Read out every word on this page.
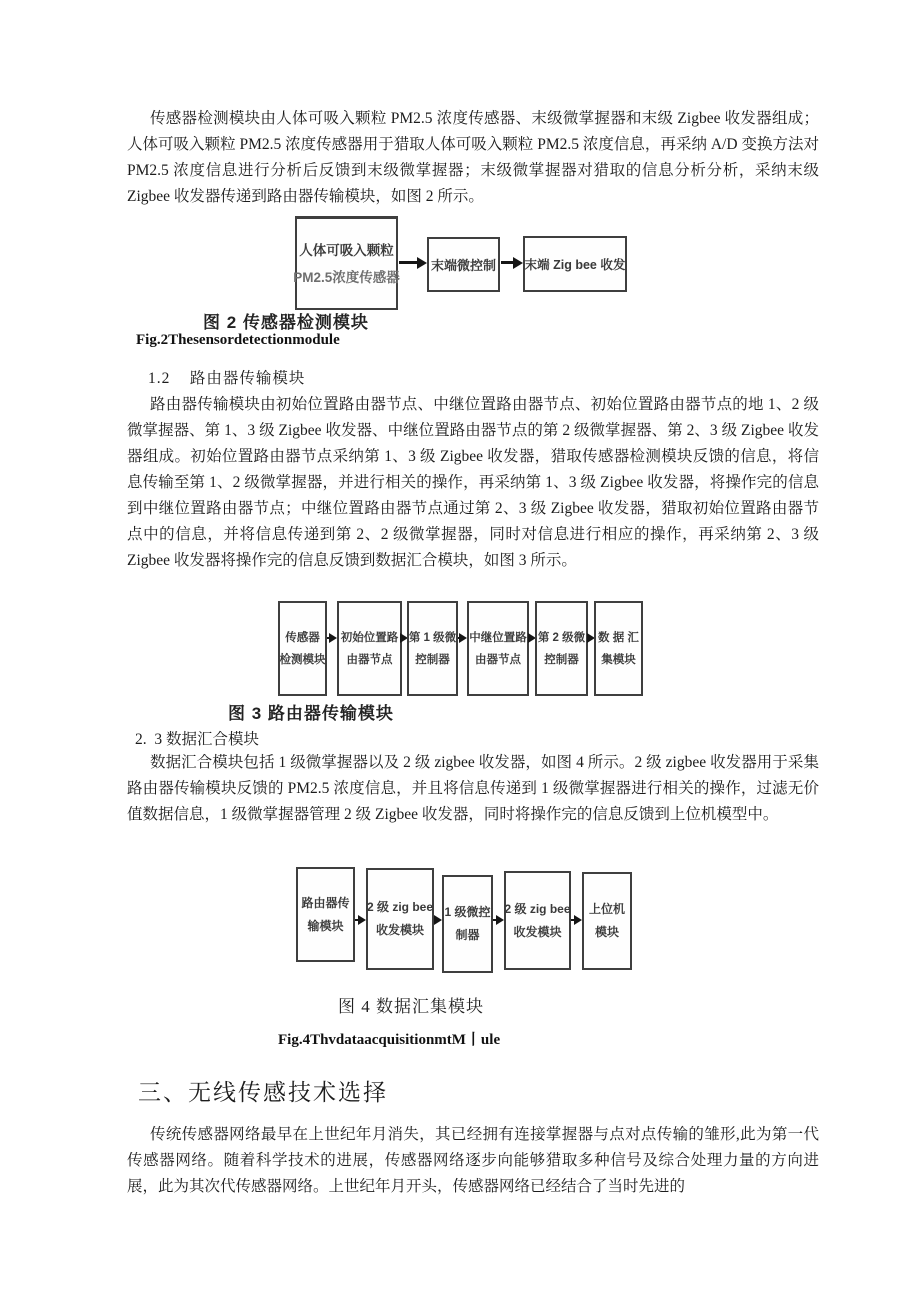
传感器检测模块由人体可吸入颗粒 PM2.5 浓度传感器、末级微掌握器和末级 Zigbee 收发器组成；人体可吸入颗粒 PM2.5 浓度传感器用于猎取人体可吸入颗粒 PM2.5 浓度信息，再采纳 A/D 变换方法对 PM2.5 浓度信息进行分析后反馈到末级微掌握器；末级微掌握器对猎取的信息分析分析，采纳末级 Zigbee 收发器传递到路由器传输模块，如图 2 所示。

人体可吸入颗粒
PM2.5浓度传感器
末端微控制 末端 Zig bee 收发
图 2 传感器检测模块
Fig.2Thesensordetectionmodule
1.2    路由器传输模块

路由器传输模块由初始位置路由器节点、中继位置路由器节点、初始位置路由器节点的地 1、2 级微掌握器、第 1、3 级 Zigbee 收发器、中继位置路由器节点的第 2 级微掌握器、第 2、3 级 Zigbee 收发器组成。初始位置路由器节点采纳第 1、3 级 Zigbee 收发器，猎取传感器检测模块反馈的信息，将信息传输至第 1、2 级微掌握器，并进行相关的操作，再采纳第 1、3 级 Zigbee 收发器，将操作完的信息到中继位置路由器节点；中继位置路由器节点通过第 2、3 级 Zigbee 收发器，猎取初始位置路由器节点中的信息，并将信息传递到第 2、2 级微掌握器，同时对信息进行相应的操作，再采纳第 2、3 级 Zigbee 收发器将操作完的信息反馈到数据汇合模块，如图 3 所示。

传感器
检测模块
初始位置路
由器节点
第 1 级微
控制器
中继位置路
由器节点
第 2 级微
控制器
数 据 汇
集模块
图 3 路由器传输模块
2.  3 数据汇合模块

数据汇合模块包括 1 级微掌握器以及 2 级 zigbee 收发器，如图 4 所示。2 级 zigbee 收发器用于采集路由器传输模块反馈的 PM2.5 浓度信息，并且将信息传递到 1 级微掌握器进行相关的操作，过滤无价值数据信息，1 级微掌握器管理 2 级 Zigbee 收发器，同时将操作完的信息反馈到上位机模型中。

路由器传
输模块
2 级 zig bee
收发模块
1 级微控
制器
2 级 zig bee
收发模块
上位机
模块
图 4 数据汇集模块
Fig.4ThvdataacquisitionmtM丨ule
三、无线传感技术选择

传统传感器网络最早在上世纪年月消失，其已经拥有连接掌握器与点对点传输的雏形,此为第一代传感器网络。随着科学技术的进展，传感器网络逐步向能够猎取多种信号及综合处理力量的方向进展，此为其次代传感器网络。上世纪年月开头，传感器网络已经结合了当时先进的
